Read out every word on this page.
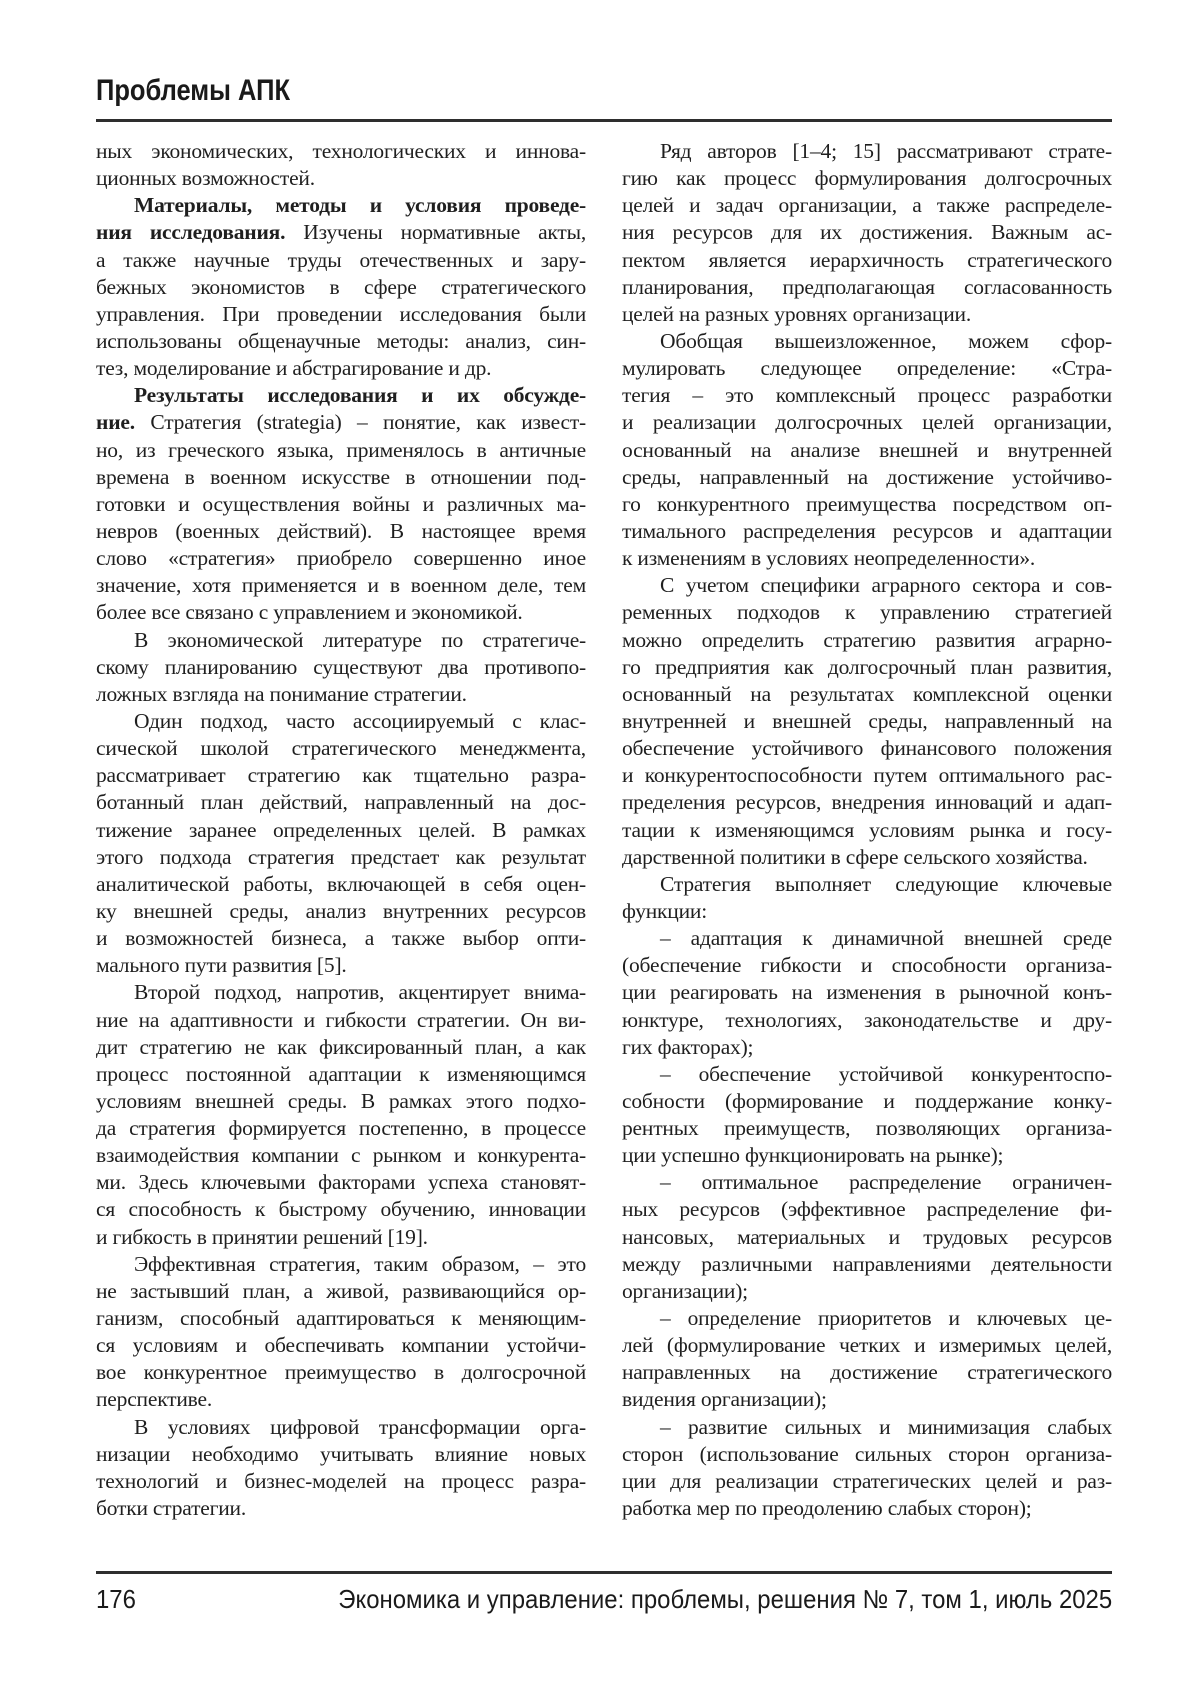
Проблемы АПК
ных экономических, технологических и иннова-
ционных возможностей.
Материалы, методы и условия проведе-
ния исследования. Изучены нормативные акты,
а также научные труды отечественных и зару-
бежных экономистов в сфере стратегического
управления. При проведении исследования были
использованы общенаучные методы: анализ, син-
тез, моделирование и абстрагирование и др.
Результаты исследования и их обсужде-
ние. Стратегия (strategia) – понятие, как извест-
но, из греческого языка, применялось в античные
времена в военном искусстве в отношении под-
готовки и осуществления войны и различных ма-
невров (военных действий). В настоящее время
слово «стратегия» приобрело совершенно иное
значение, хотя применяется и в военном деле, тем
более все связано с управлением и экономикой.
В экономической литературе по стратегиче-
скому планированию существуют два противопо-
ложных взгляда на понимание стратегии.
Один подход, часто ассоциируемый с клас-
сической школой стратегического менеджмента,
рассматривает стратегию как тщательно разра-
ботанный план действий, направленный на дос-
тижение заранее определенных целей. В рамках
этого подхода стратегия предстает как результат
аналитической работы, включающей в себя оцен-
ку внешней среды, анализ внутренних ресурсов
и возможностей бизнеса, а также выбор опти-
мального пути развития [5].
Второй подход, напротив, акцентирует внима-
ние на адаптивности и гибкости стратегии. Он ви-
дит стратегию не как фиксированный план, а как
процесс постоянной адаптации к изменяющимся
условиям внешней среды. В рамках этого подхо-
да стратегия формируется постепенно, в процессе
взаимодействия компании с рынком и конкурента-
ми. Здесь ключевыми факторами успеха становят-
ся способность к быстрому обучению, инновации
и гибкость в принятии решений [19].
Эффективная стратегия, таким образом, – это
не застывший план, а живой, развивающийся ор-
ганизм, способный адаптироваться к меняющим-
ся условиям и обеспечивать компании устойчи-
вое конкурентное преимущество в долгосрочной
перспективе.
В условиях цифровой трансформации орга-
низации необходимо учитывать влияние новых
технологий и бизнес-моделей на процесс разра-
ботки стратегии.
Ряд авторов [1–4; 15] рассматривают страте-
гию как процесс формулирования долгосрочных
целей и задач организации, а также распределе-
ния ресурсов для их достижения. Важным ас-
пектом является иерархичность стратегического
планирования, предполагающая согласованность
целей на разных уровнях организации.
Обобщая вышеизложенное, можем сфор-
мулировать следующее определение: «Стра-
тегия – это комплексный процесс разработки
и реализации долгосрочных целей организации,
основанный на анализе внешней и внутренней
среды, направленный на достижение устойчиво-
го конкурентного преимущества посредством оп-
тимального распределения ресурсов и адаптации
к изменениям в условиях неопределенности».
С учетом специфики аграрного сектора и сов-
ременных подходов к управлению стратегией
можно определить стратегию развития аграрно-
го предприятия как долгосрочный план развития,
основанный на результатах комплексной оценки
внутренней и внешней среды, направленный на
обеспечение устойчивого финансового положения
и конкурентоспособности путем оптимального рас-
пределения ресурсов, внедрения инноваций и адап-
тации к изменяющимся условиям рынка и госу-
дарственной политики в сфере сельского хозяйства.
Стратегия выполняет следующие ключевые
функции:
– адаптация к динамичной внешней среде
(обеспечение гибкости и способности организа-
ции реагировать на изменения в рыночной конъ-
юнктуре, технологиях, законодательстве и дру-
гих факторах);
– обеспечение устойчивой конкурентоспо-
собности (формирование и поддержание конку-
рентных преимуществ, позволяющих организа-
ции успешно функционировать на рынке);
– оптимальное распределение ограничен-
ных ресурсов (эффективное распределение фи-
нансовых, материальных и трудовых ресурсов
между различными направлениями деятельности
организации);
– определение приоритетов и ключевых це-
лей (формулирование четких и измеримых целей,
направленных на достижение стратегического
видения организации);
– развитие сильных и минимизация слабых
сторон (использование сильных сторон организа-
ции для реализации стратегических целей и раз-
работка мер по преодолению слабых сторон);
176	Экономика и управление: проблемы, решения № 7, том 1, июль 2025
